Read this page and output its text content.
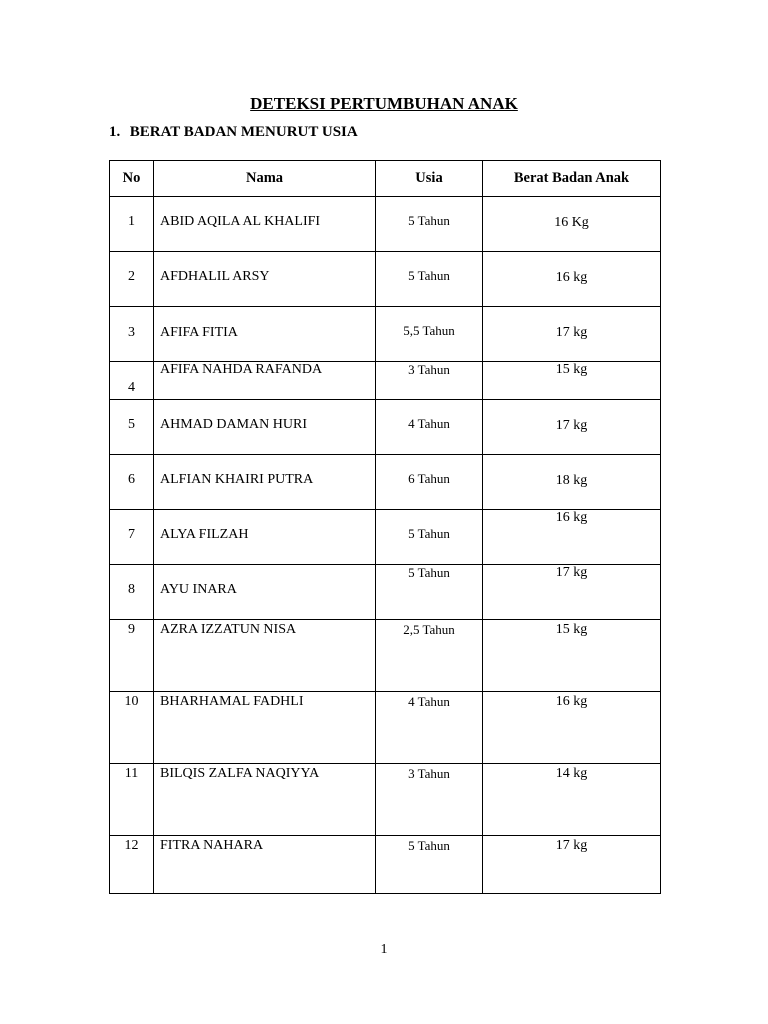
DETEKSI PERTUMBUHAN ANAK
1. BERAT BADAN MENURUT USIA
No	Nama	Usia	Berat Badan Anak

1	ABID AQILA AL KHALIFI	5 Tahun	16 Kg

2	AFDHALIL ARSY	5 Tahun	16 kg

3	AFIFA FITIA	5,5 Tahun	17 kg

4	AFIFA NAHDA RAFANDA	3 Tahun	15 kg

5	AHMAD DAMAN HURI	4 Tahun	17 kg

6	ALFIAN KHAIRI PUTRA	6 Tahun	18 kg

7	ALYA FILZAH	5 Tahun	16 kg

8	AYU INARA	5 Tahun	17 kg

9	AZRA IZZATUN NISA	2,5 Tahun	15 kg

10	BHARHAMAL FADHLI	4 Tahun	16 kg

11	BILQIS ZALFA NAQIYYA	3 Tahun	14 kg

12	FITRA NAHARA	5 Tahun	17 kg
1
